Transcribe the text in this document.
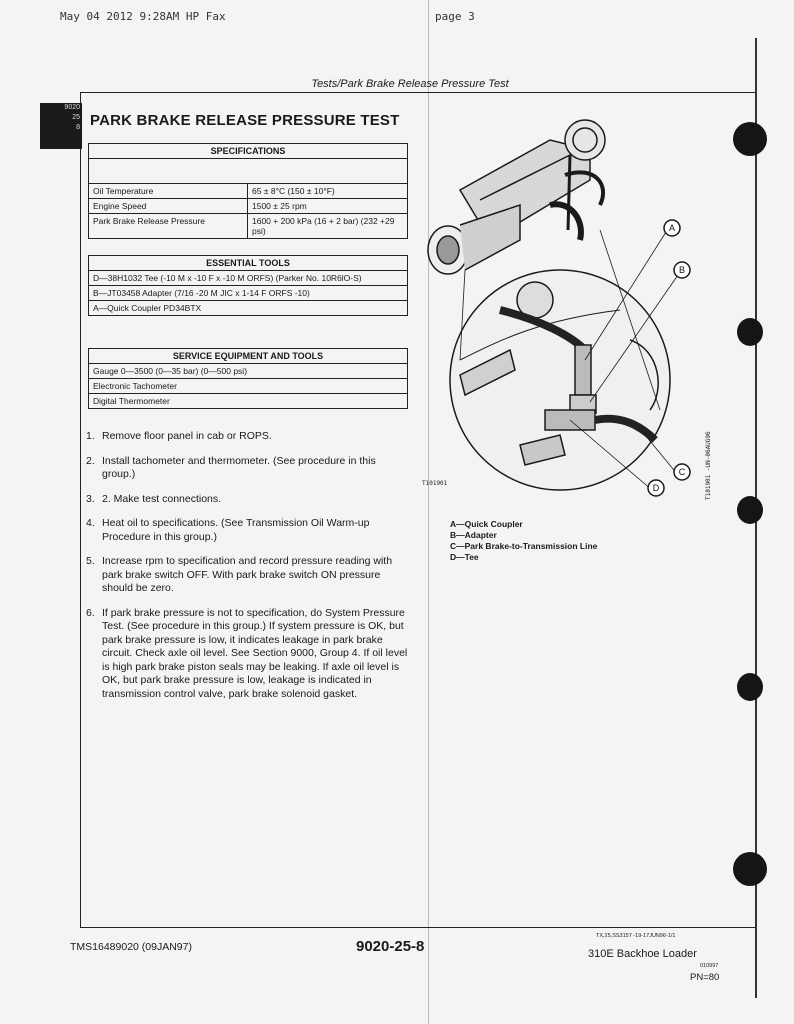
May 04 2012 9:28AM HP Fax	page 3
Tests/Park Brake Release Pressure Test
9020
25
8 PARK BRAKE RELEASE PRESSURE TEST
SPECIFICATIONS	

Oil Temperature	65 ± 8°C (150 ± 10°F)
Engine Speed	1500 ± 25 rpm
Park Brake Release Pressure	1600 + 200 kPa (16 + 2 bar) (232 +29 psi)
ESSENTIAL TOOLS
D—38H1032 Tee (-10 M x -10 F x -10 M ORFS) (Parker No. 10R6lO-S)
B—JT03458 Adapter (7/16 -20 M JIC x 1-14 F ORFS -10)
A—Quick Coupler PD34BTX
SERVICE EQUIPMENT AND TOOLS
Gauge 0—3500 (0—35 bar) (0—500 psi)
Electronic Tachometer
Digital Thermometer
1. Remove floor panel in cab or ROPS.
2. Install tachometer and thermometer. (See procedure in this group.)
3. 2. Make test connections.
4. Heat oil to specifications. (See Transmission Oil Warm-up Procedure in this group.)
5. Increase rpm to specification and record pressure reading with park brake switch OFF. With park brake switch ON pressure should be zero.
6. If park brake pressure is not to specification, do System Pressure Test. (See procedure in this group.) If system pressure is OK, but park brake pressure is low, it indicates leakage in park brake circuit. Check axle oil level. See Section 9000, Group 4. If oil level is high park brake piston seals may be leaking. If axle oil level is OK, but park brake pressure is low, leakage is indicated in transmission control valve, park brake solenoid gasket.
A
B
C
D
T101901	T101901 -UN-06AUG96
A—Quick Coupler
B—Adapter
C—Park Brake-to-Transmission Line
D—Tee
TMS16489020 (09JAN97)	9020-25-8
TX,25,SS3157 -19-17JUN96-1/1
310E Backhoe Loader
010997
PN=80
